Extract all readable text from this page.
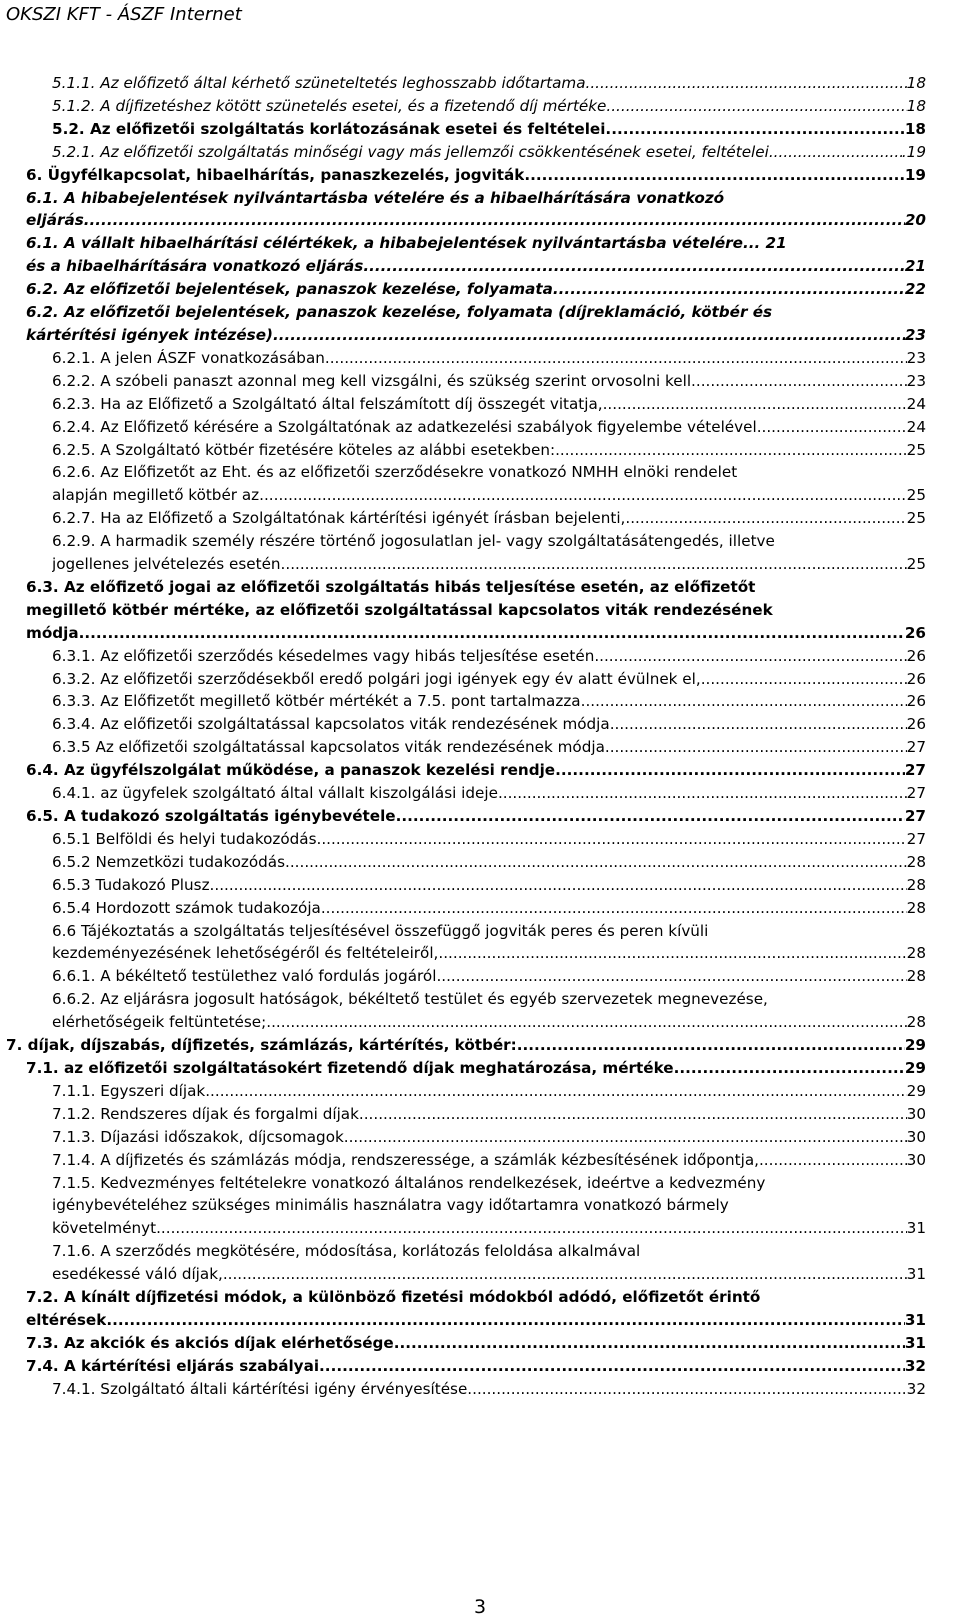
OKSZI KFT - ÁSZF Internet
5.1.1. Az előfizető által kérhető szüneteltetés leghosszabb időtartama .....	18
5.1.2. A díjfizetéshez kötött szünetelés esetei, és a fizetendő díj mértéke .....	18
5.2. Az előfizetői szolgáltatás korlátozásának esetei és feltételei .....	18
5.2.1. Az előfizetői szolgáltatás minőségi vagy más jellemzői csökkentésének esetei, feltételei .....	.19
6. Ügyfélkapcsolat, hibaelhárítás, panaszkezelés, jogviták .....	19
6.1. A hibabejelentések nyilvántartásba vételére és a hibaelhárítására vonatkozó
eljárás .....	20
6.1. A vállalt hibaelhárítási célértékek, a hibabejelentések nyilvántartásba vételére... 21
és a hibaelhárítására vonatkozó eljárás .....	21
6.2. Az előfizetői bejelentések, panaszok kezelése, folyamata .....	22
6.2. Az előfizetői bejelentések, panaszok kezelése, folyamata (díjreklamáció, kötbér és
kártérítési igények intézése) .....	23
6.2.1. A jelen ÁSZF vonatkozásában .....	23
6.2.2. A szóbeli panaszt azonnal meg kell vizsgálni, és szükség szerint orvosolni kell. .....	23
6.2.3. Ha az Előfizető a Szolgáltató által felszámított díj összegét vitatja, .....	24
6.2.4. Az Előfizető kérésére a Szolgáltatónak az adatkezelési szabályok figyelembe vételével .....	24
6.2.5. A Szolgáltató kötbér fizetésére köteles az alábbi esetekben: .....	25
6.2.6. Az Előfizetőt az Eht. és az előfizetői szerződésekre vonatkozó NMHH elnöki rendelet
alapján megillető kötbér az .....	25
6.2.7. Ha az Előfizető a Szolgáltatónak kártérítési igényét írásban bejelenti, .....	25
6.2.9. A harmadik személy részére történő jogosulatlan jel- vagy szolgáltatásátengedés, illetve
jogellenes jelvételezés esetén .....	25
6.3. Az előfizető jogai az előfizetői szolgáltatás hibás teljesítése esetén, az előfizetőt
megillető kötbér mértéke, az előfizetői szolgáltatással kapcsolatos viták rendezésének
módja .....	26
6.3.1. Az előfizetői szerződés késedelmes vagy hibás teljesítése esetén .....	26
6.3.2. Az előfizetői szerződésekből eredő polgári jogi igények egy év alatt évülnek el, .....	26
6.3.3. Az Előfizetőt megillető kötbér mértékét a 7.5. pont tartalmazza. .....	26
6.3.4. Az előfizetői szolgáltatással kapcsolatos viták rendezésének módja .....	26
6.3.5 Az előfizetői szolgáltatással kapcsolatos viták rendezésének módja .....	27
6.4. Az ügyfélszolgálat működése, a panaszok kezelési rendje .....	27
6.4.1. az ügyfelek szolgáltató által vállalt kiszolgálási ideje .....	27
6.5. A tudakozó szolgáltatás igénybevétele .....	27
6.5.1 Belföldi és helyi tudakozódás .....	27
6.5.2 Nemzetközi tudakozódás .....	28
6.5.3 Tudakozó Plusz .....	28
6.5.4 Hordozott számok tudakozója .....	28
6.6 Tájékoztatás a szolgáltatás teljesítésével összefüggő jogviták peres és peren kívüli
kezdeményezésének lehetőségéről és feltételeiről, .....	28
6.6.1. A békéltető testülethez való fordulás jogáról .....	28
6.6.2. Az eljárásra jogosult hatóságok, békéltető testület és egyéb szervezetek megnevezése,
elérhetőségeik feltüntetése; .....	28
7. díjak, díjszabás, díjfizetés, számlázás, kártérítés, kötbér: .....	29
7.1. az előfizetői szolgáltatásokért fizetendő díjak meghatározása, mértéke .....	29
7.1.1. Egyszeri díjak .....	29
7.1.2. Rendszeres díjak és forgalmi díjak .....	30
7.1.3. Díjazási időszakok, díjcsomagok .....	30
7.1.4. A díjfizetés és számlázás módja, rendszeressége, a számlák kézbesítésének időpontja, .....	30
7.1.5. Kedvezményes feltételekre vonatkozó általános rendelkezések, ideértve a kedvezmény
igénybevételéhez szükséges minimális használatra vagy időtartamra vonatkozó bármely
követelményt .....	31
7.1.6. A szerződés megkötésére, módosítása, korlátozás feloldása alkalmával
esedékessé váló díjak, .....	31
7.2. A kínált díjfizetési módok, a különböző fizetési módokból adódó, előfizetőt érintő
eltérések .....	31
7.3. Az akciók és akciós díjak elérhetősége .....	31
7.4. A kártérítési eljárás szabályai .....	32
7.4.1. Szolgáltató általi kártérítési igény érvényesítése .....	32
3
